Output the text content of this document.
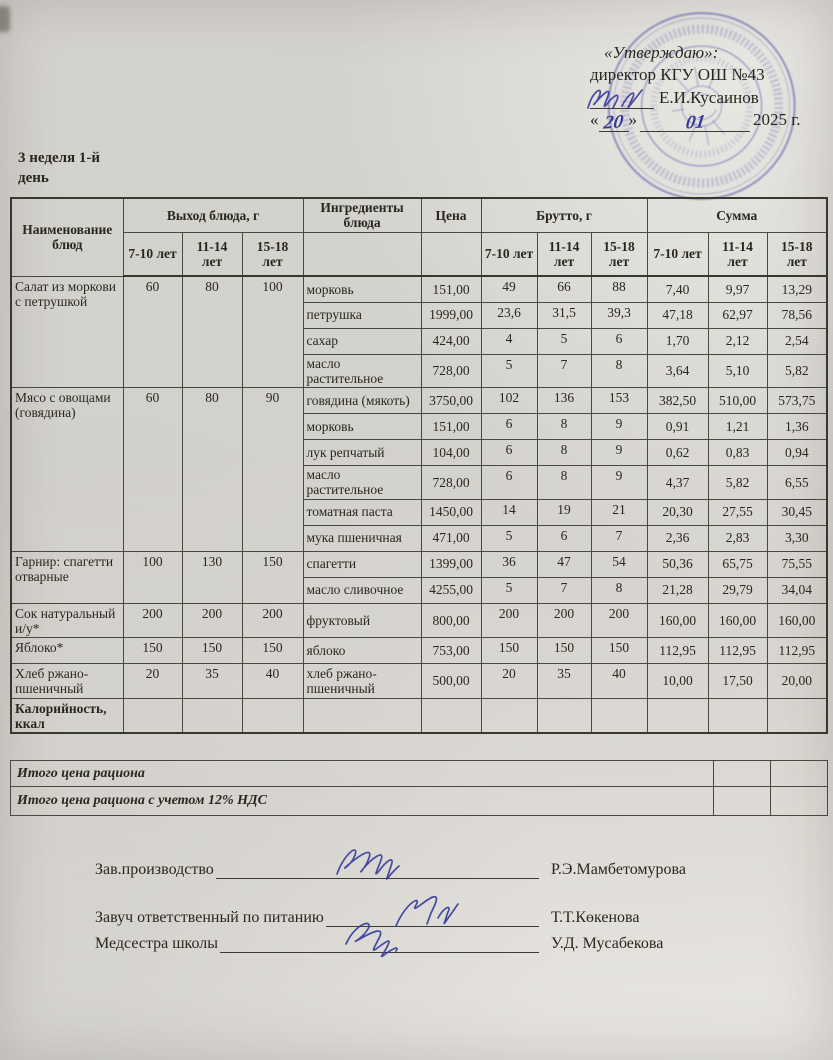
«Утверждаю»:
директор КГУ ОШ №43
Е.И.Кусаинов
« 20 » 01	2025 г.
3 неделя 1-й
день
Наименование блюд	Выход блюда, г			Ингредиенты блюда	Цена	Брутто, г			Сумма		
	7-10 лет	11-14 лет	15-18 лет			7-10 лет	11-14 лет	15-18 лет	7-10 лет	11-14 лет	15-18 лет
Салат из моркови с петрушкой	60	80	100	морковь	151,00	49	66	88	7,40	9,97	13,29
				петрушка	1999,00	23,6	31,5	39,3	47,18	62,97	78,56
				сахар	424,00	4	5	6	1,70	2,12	2,54
				масло растительное	728,00	5	7	8	3,64	5,10	5,82
Мясо с овощами (говядина)	60	80	90	говядина (мякоть)	3750,00	102	136	153	382,50	510,00	573,75
				морковь	151,00	6	8	9	0,91	1,21	1,36
				лук репчатый	104,00	6	8	9	0,62	0,83	0,94
				масло растительное	728,00	6	8	9	4,37	5,82	6,55
				томатная паста	1450,00	14	19	21	20,30	27,55	30,45
				мука пшеничная	471,00	5	6	7	2,36	2,83	3,30
Гарнир: спагетти отварные	100	130	150	спагетти	1399,00	36	47	54	50,36	65,75	75,55
				масло сливочное	4255,00	5	7	8	21,28	29,79	34,04
Сок натуральный и/у*	200	200	200	фруктовый	800,00	200	200	200	160,00	160,00	160,00
Яблоко*	150	150	150	яблоко	753,00	150	150	150	112,95	112,95	112,95
Хлеб ржано-пшеничный	20	35	40	хлеб ржано-пшеничный	500,00	20	35	40	10,00	17,50	20,00
Калорийность, ккал											
Итого цена рациона		
Итого цена рациона с учетом 12% НДС		
Зав.производство	Р.Э.Мамбетомурова
Завуч ответственный по питанию	Т.Т.Көкенова
Медсестра школы	У.Д. Мусабекова
